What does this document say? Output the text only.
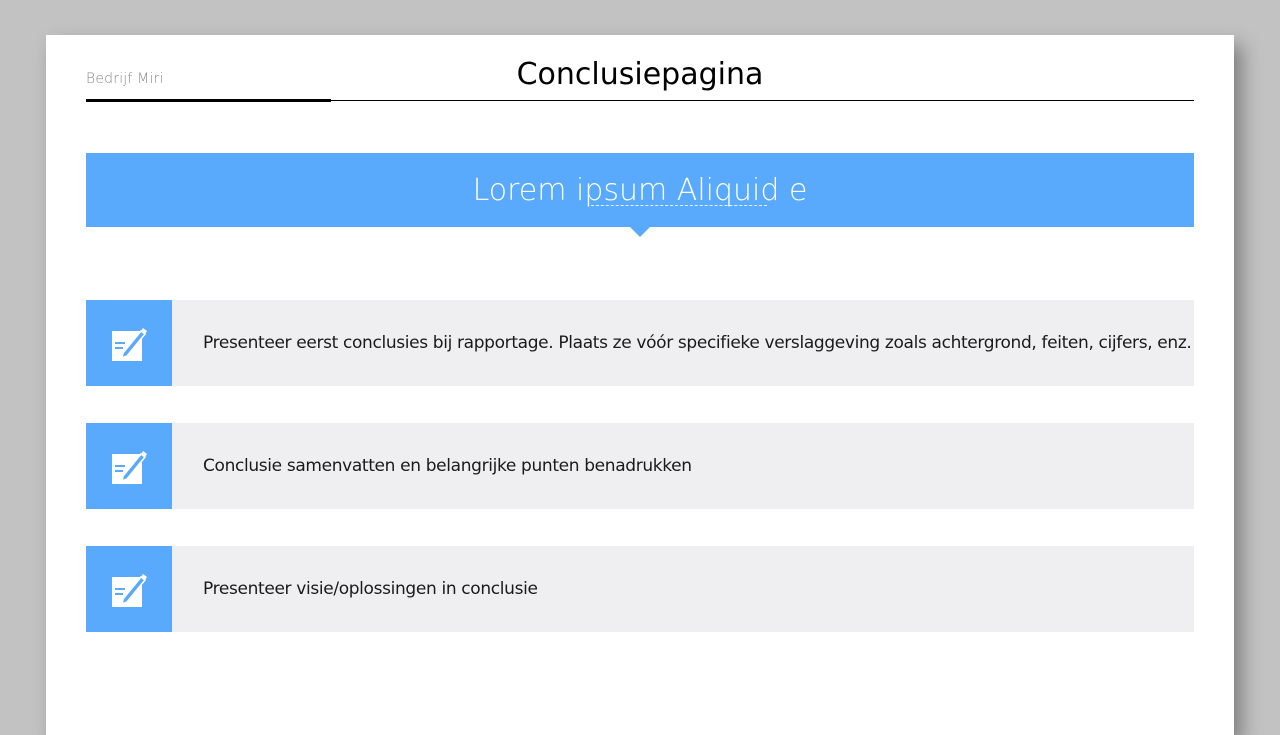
Bedrijf Miri	Conclusiepagina
Lorem ipsum Aliquid e
Presenteer eerst conclusies bij rapportage. Plaats ze vóór specifieke verslaggeving zoals achtergrond, feiten, cijfers, enz.
Conclusie samenvatten en belangrijke punten benadrukken
Presenteer visie/oplossingen in conclusie
